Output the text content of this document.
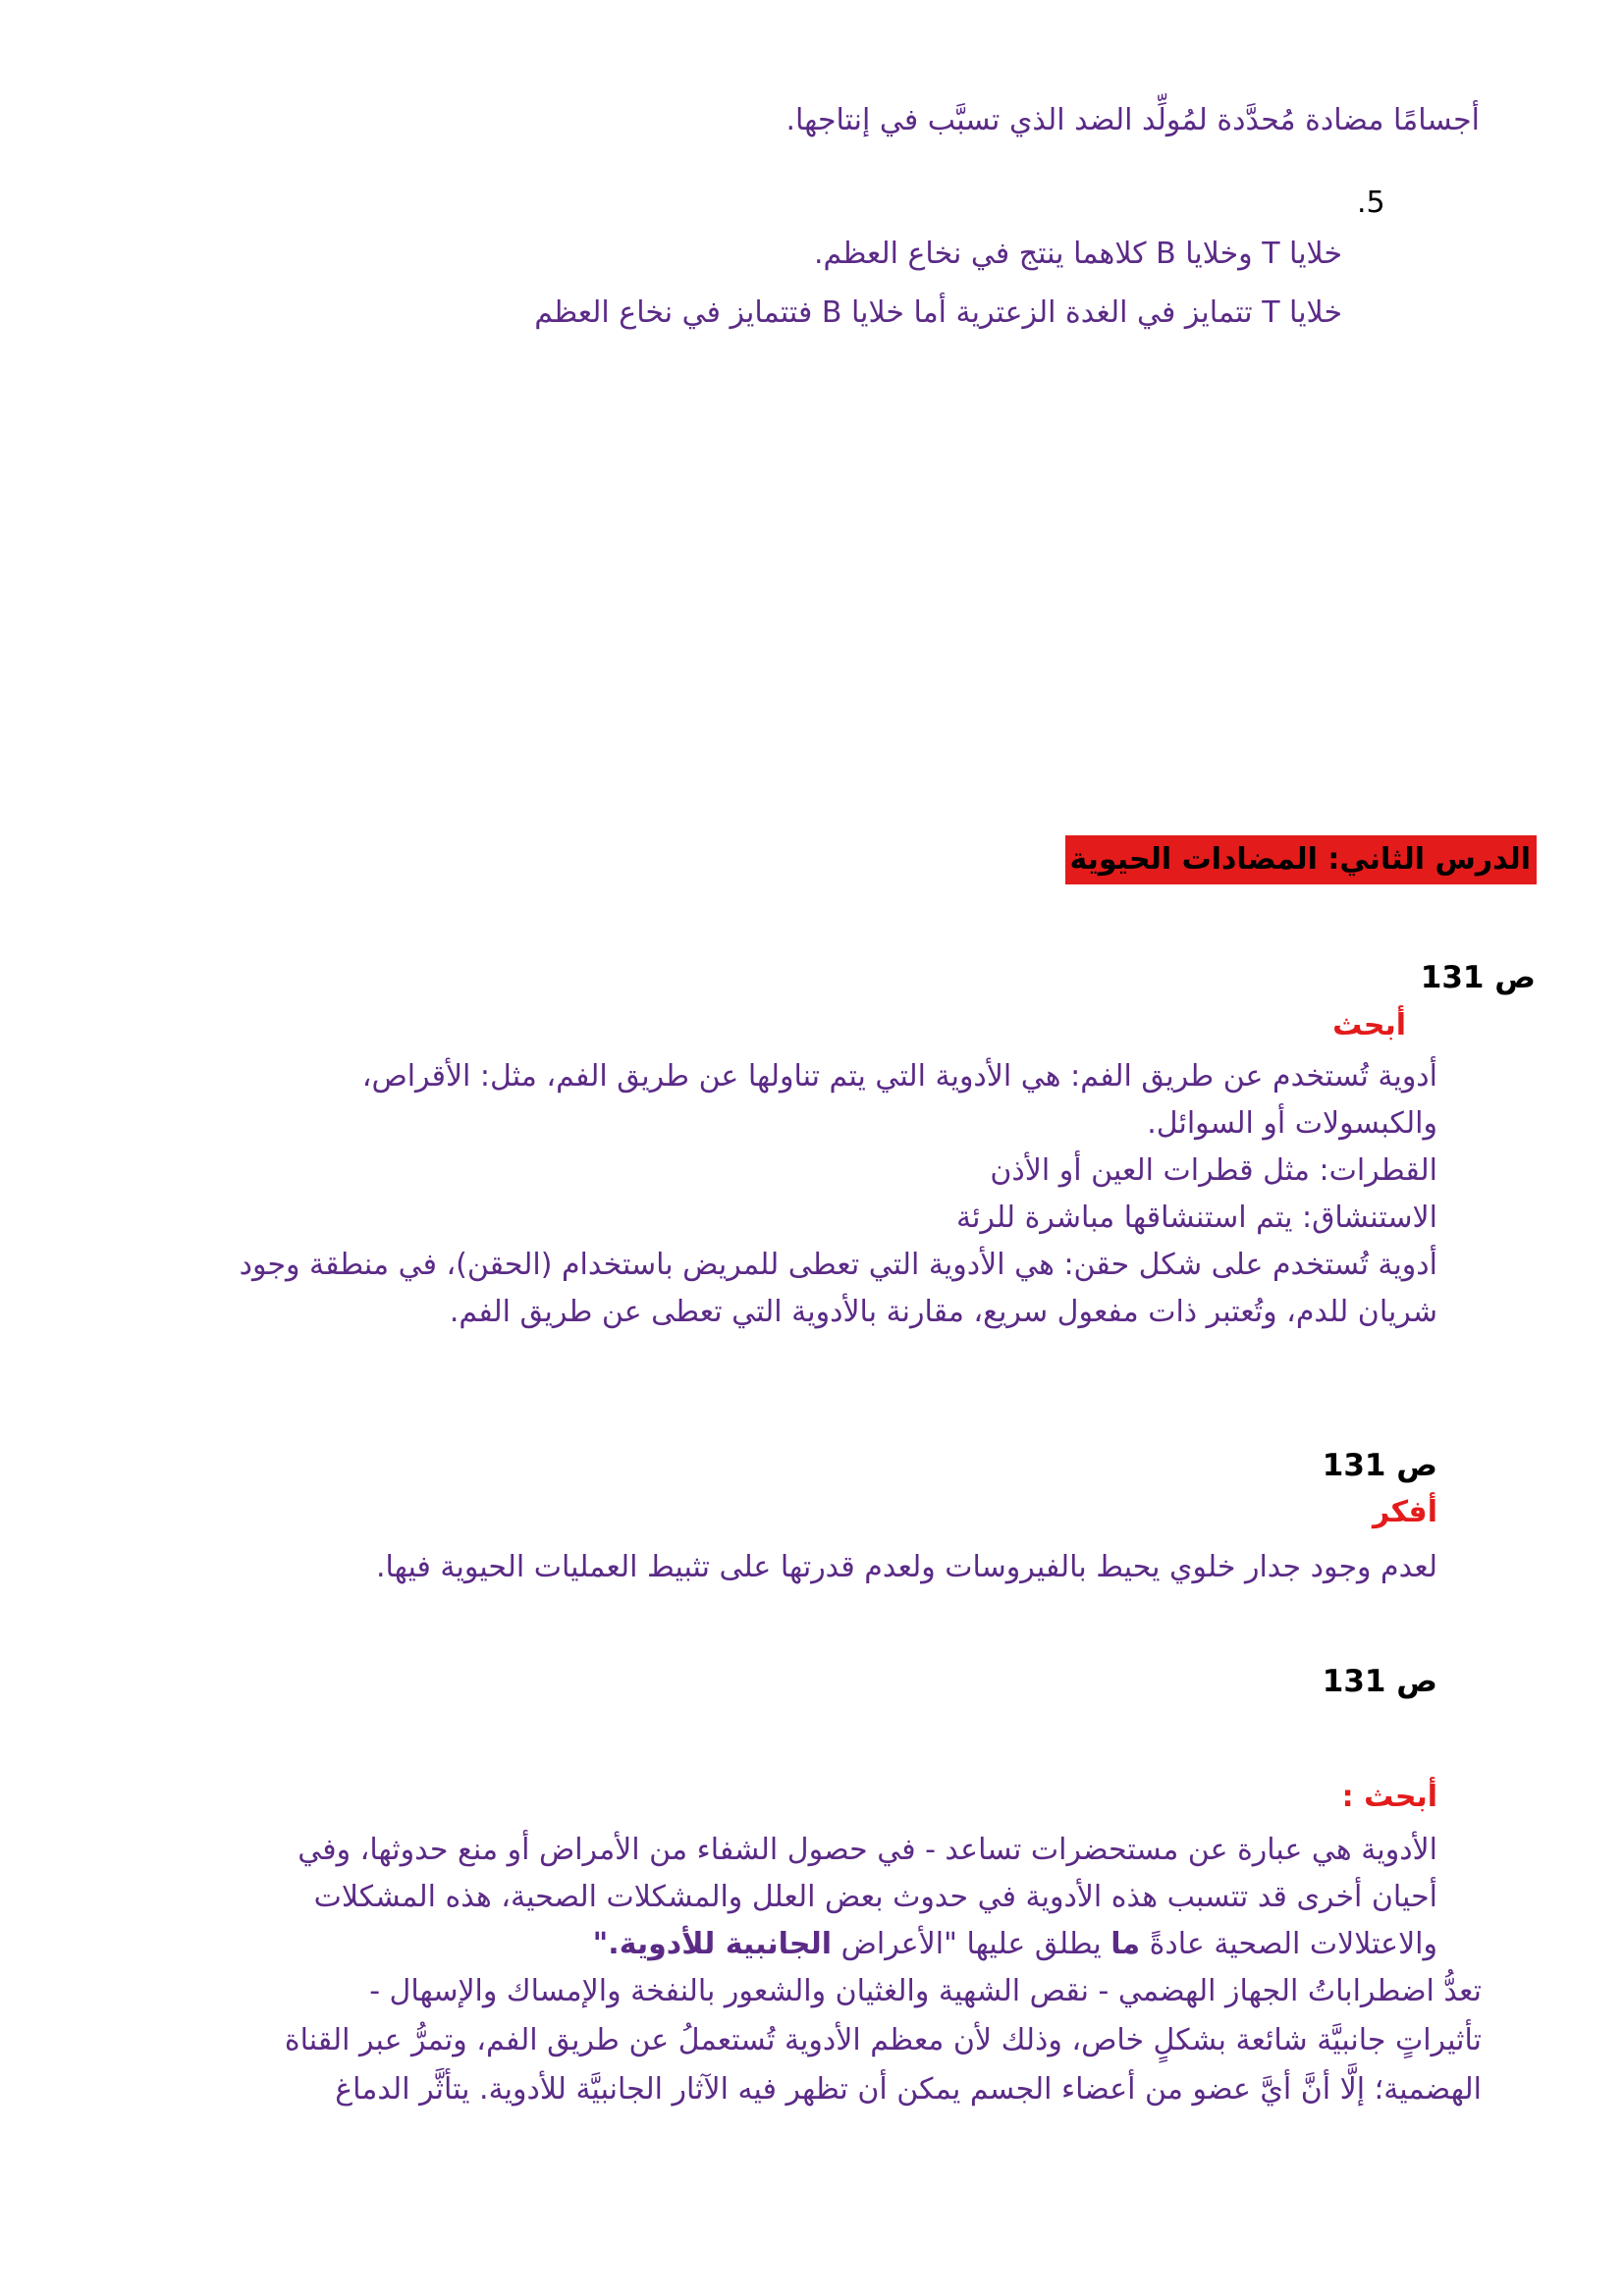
أجسامًا مضادة مُحدَّدة لمُولِّد الضد الذي تسبَّب في إنتاجها.

.5

خلايا T وخلايا B كلاهما ينتج في نخاع العظم.

خلايا T تتمايز في الغدة الزعترية أما خلايا B فتتمايز في نخاع العظم

الدرس الثاني: المضادات الحيوية
ص 131
أبحث

أدوية تُستخدم عن طريق الفم: هي الأدوية التي يتم تناولها عن طريق الفم، مثل: الأقراص،

والكبسولات أو السوائل.

القطرات: مثل قطرات العين أو الأذن

الاستنشاق: يتم استنشاقها مباشرة للرئة

أدوية تُستخدم على شكل حقن: هي الأدوية التي تعطى للمريض باستخدام (الحقن)، في منطقة وجود

شريان للدم، وتُعتبر ذات مفعول سريع، مقارنة بالأدوية التي تعطى عن طريق الفم.

ص 131
أفكر

لعدم وجود جدار خلوي يحيط بالفيروسات ولعدم قدرتها على تثبيط العمليات الحيوية فيها.

ص 131
أبحث :

الأدوية هي عبارة عن مستحضرات تساعد - في حصول الشفاء من الأمراض أو منع حدوثها، وفي

أحيان أخرى قد تتسبب هذه الأدوية في حدوث بعض العلل والمشكلات الصحية، هذه المشكلات

والاعتلالات الصحية عادةً ما يطلق عليها "الأعراض الجانبية للأدوية."

تعدُّ اضطراباتُ الجهاز الهضمي - نقص الشهية والغثيان والشعور بالنفخة والإمساك والإسهال -

تأثيراتٍ جانبيَّة شائعة بشكلٍ خاص، وذلك لأن معظم الأدوية تُستعملُ عن طريق الفم، وتمرُّ عبر القناة

الهضمية؛ إلَّا أنَّ أيَّ عضو من أعضاء الجسم يمكن أن تظهر فيه الآثار الجانبيَّة للأدوية. يتأثَّر الدماغ
